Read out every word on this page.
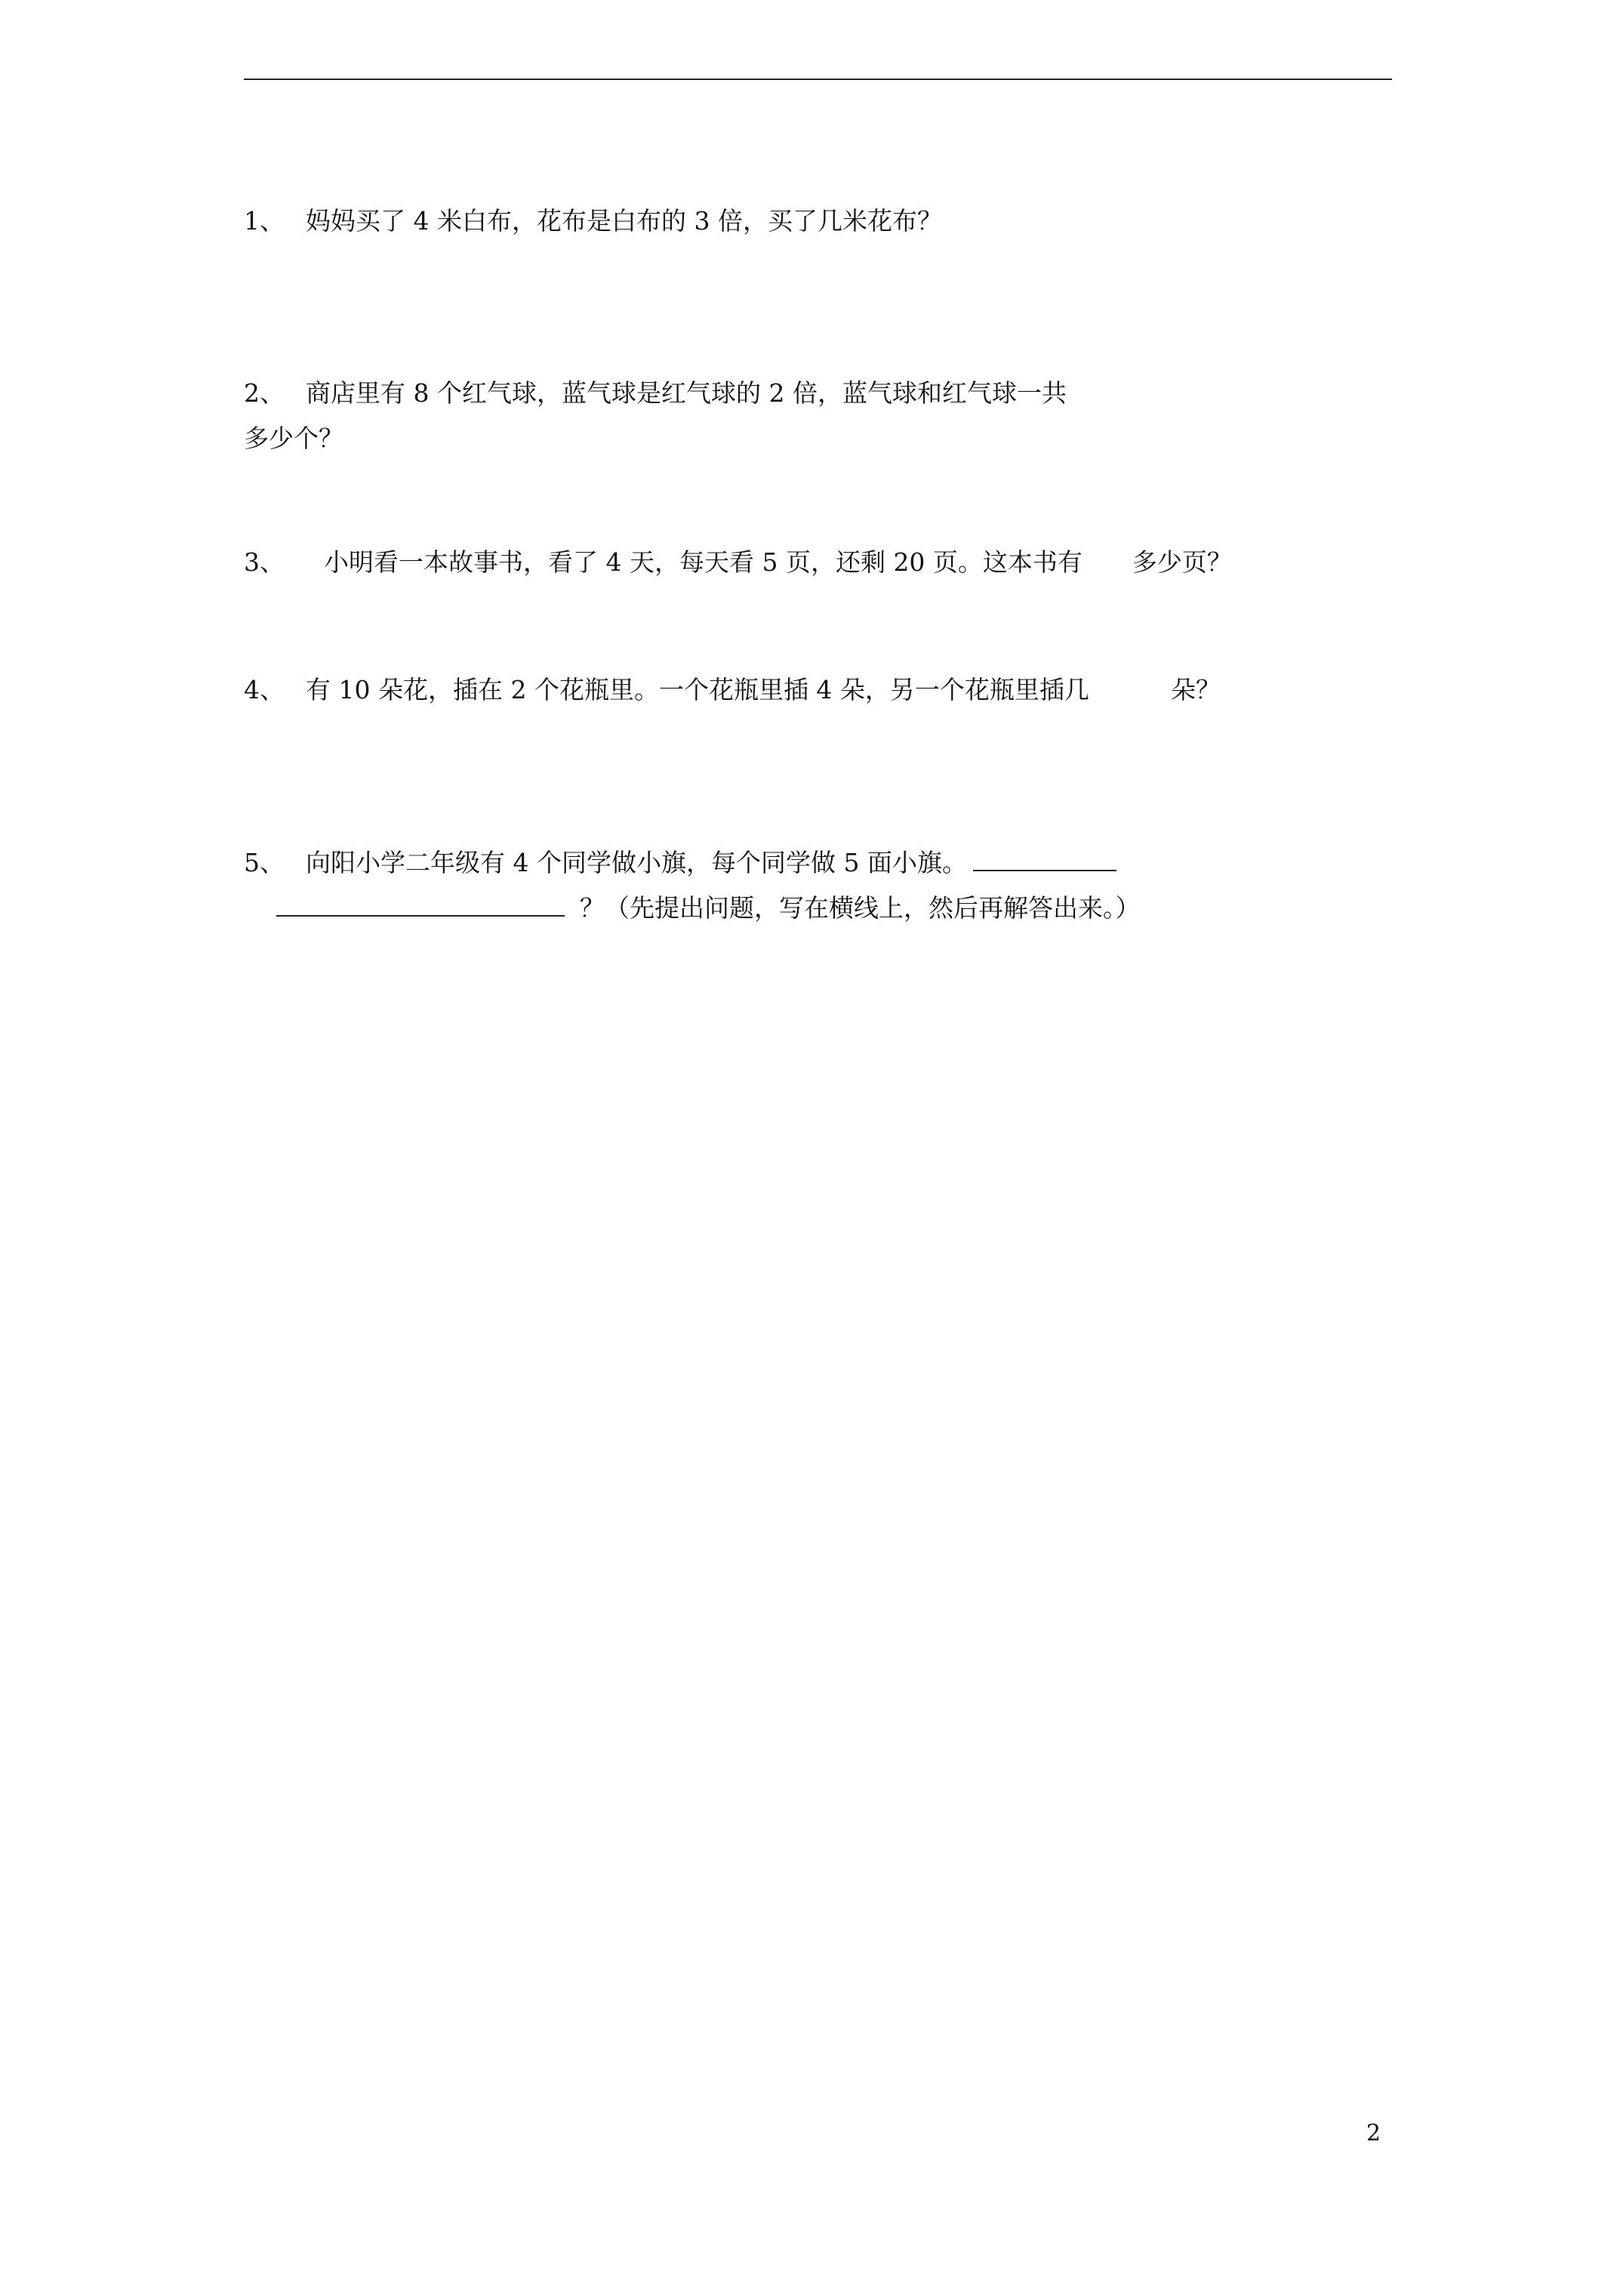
1、 妈妈买了 4 米白布，花布是白布的 3 倍，买了几米花布？
2、 商店里有 8 个红气球，蓝气球是红气球的 2 倍，蓝气球和红气球一共
多少个？
3、 小明看一本故事书，看了 4 天，每天看 5 页，还剩 20 页。这本书有 多少页？
4、 有 10 朵花，插在 2 个花瓶里。一个花瓶里插 4 朵，另一个花瓶里插几	朵？
5、 向阳小学二年级有 4 个同学做小旗，每个同学做 5 面小旗。
？（先提出问题，写在横线上，然后再解答出来。）
2
